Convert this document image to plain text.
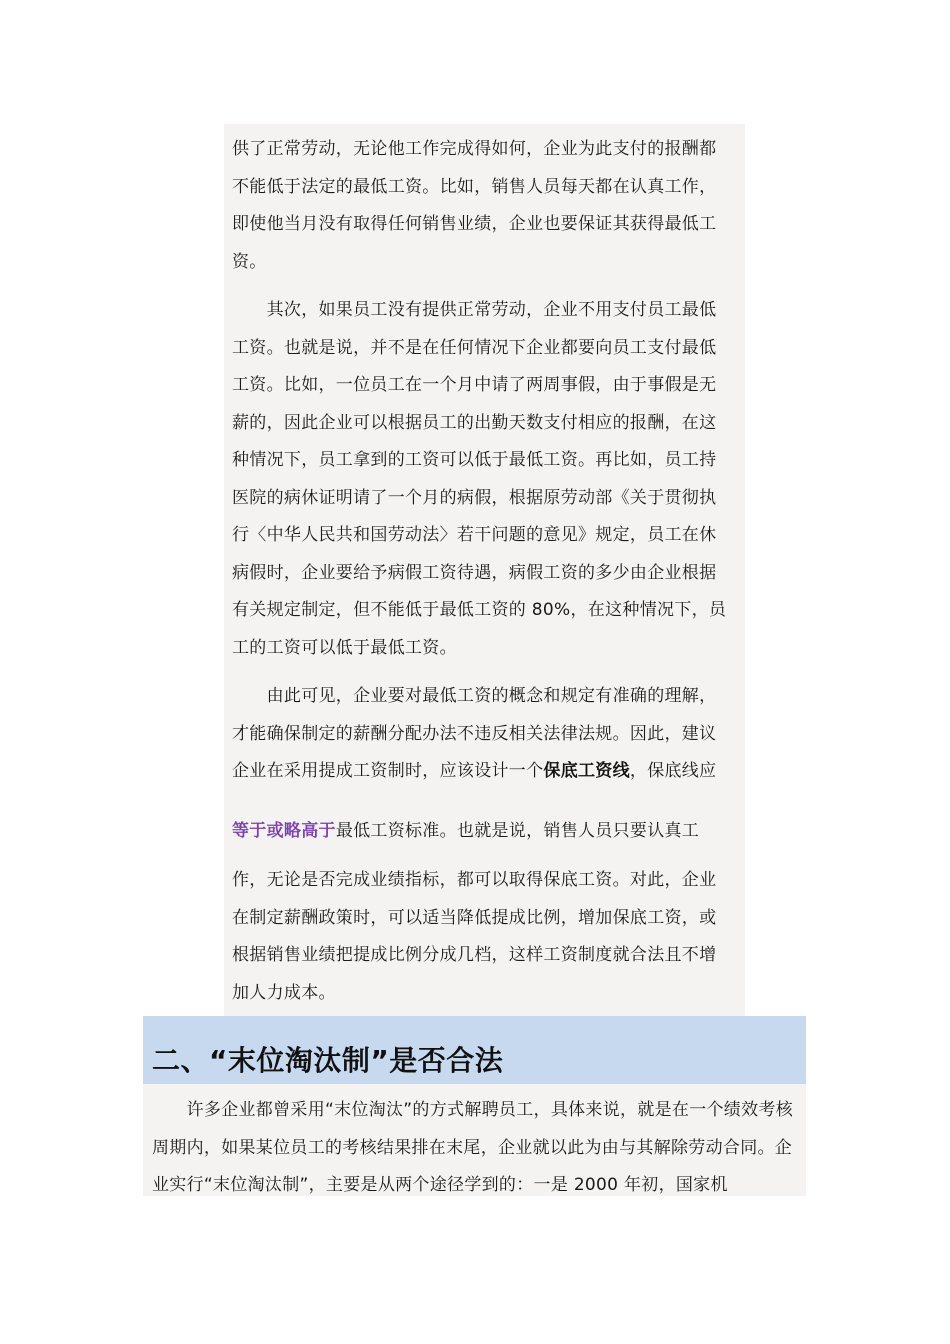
供了正常劳动，无论他工作完成得如何，企业为此支付的报酬都不能低于法定的最低工资。比如，销售人员每天都在认真工作，即使他当月没有取得任何销售业绩，企业也要保证其获得最低工资。

　　其次，如果员工没有提供正常劳动，企业不用支付员工最低工资。也就是说，并不是在任何情况下企业都要向员工支付最低工资。比如，一位员工在一个月中请了两周事假，由于事假是无薪的，因此企业可以根据员工的出勤天数支付相应的报酬，在这种情况下，员工拿到的工资可以低于最低工资。再比如，员工持医院的病休证明请了一个月的病假，根据原劳动部《关于贯彻执行〈中华人民共和国劳动法〉若干问题的意见》规定，员工在休病假时，企业要给予病假工资待遇，病假工资的多少由企业根据有关规定制定，但不能低于最低工资的 80%，在这种情况下，员工的工资可以低于最低工资。

　　由此可见，企业要对最低工资的概念和规定有准确的理解，才能确保制定的薪酬分配办法不违反相关法律法规。因此，建议企业在采用提成工资制时，应该设计一个保底工资线，保底线应

等于或略高于最低工资标准。也就是说，销售人员只要认真工

作，无论是否完成业绩指标，都可以取得保底工资。对此，企业在制定薪酬政策时，可以适当降低提成比例，增加保底工资，或根据销售业绩把提成比例分成几档，这样工资制度就合法且不增加人力成本。

二、“末位淘汰制”是否合法

　　许多企业都曾采用“末位淘汰”的方式解聘员工，具体来说，就是在一个绩效考核周期内，如果某位员工的考核结果排在末尾，企业就以此为由与其解除劳动合同。企业实行“末位淘汰制”，主要是从两个途径学到的：一是 2000 年初，国家机
